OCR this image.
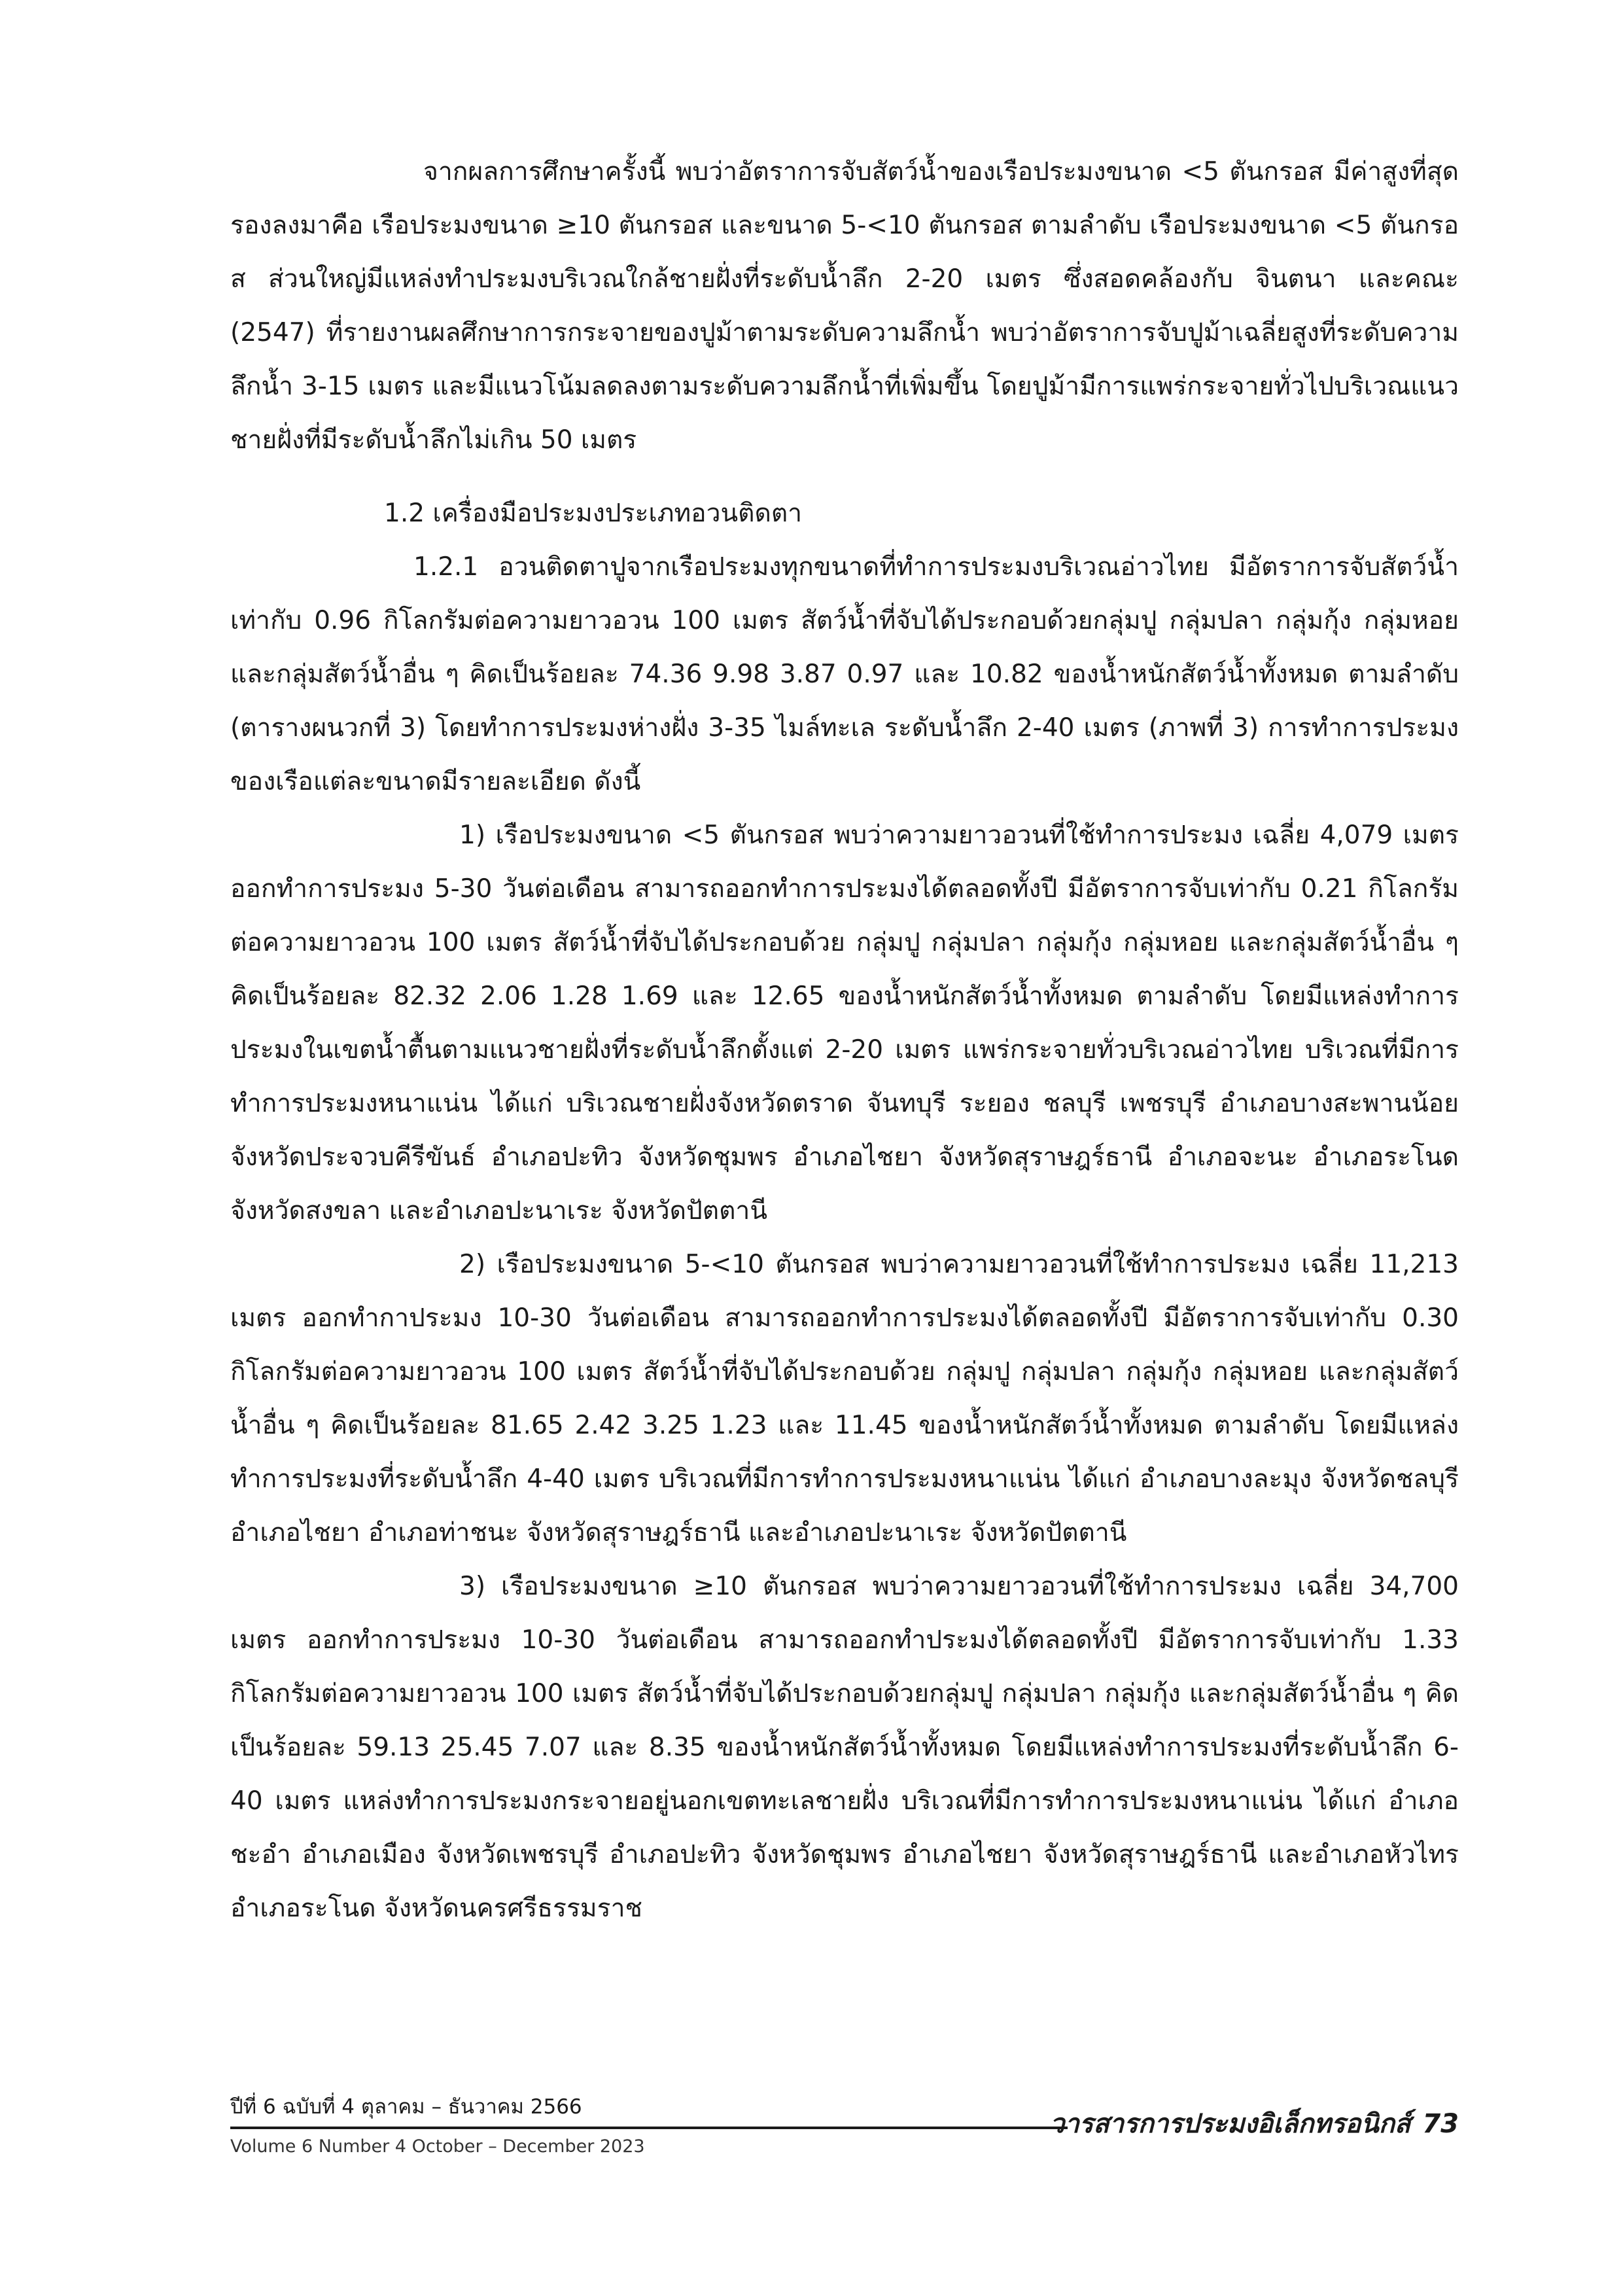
จากผลการศึกษาครั้งนี้ พบว่าอัตราการจับสัตว์น้ำของเรือประมงขนาด <5 ตันกรอส มีค่าสูงที่สุด รองลงมาคือ เรือประมงขนาด ≥10 ตันกรอส และขนาด 5-<10 ตันกรอส ตามลำดับ เรือประมงขนาด <5 ตันกรอส ส่วนใหญ่มีแหล่งทำประมงบริเวณใกล้ชายฝั่งที่ระดับน้ำลึก 2-20 เมตร ซึ่งสอดคล้องกับ จินตนา และคณะ (2547) ที่รายงานผลศึกษาการกระจายของปูม้าตามระดับความลึกน้ำ พบว่าอัตราการจับปูม้าเฉลี่ยสูงที่ระดับความลึกน้ำ 3-15 เมตร และมีแนวโน้มลดลงตามระดับความลึกน้ำที่เพิ่มขึ้น โดยปูม้ามีการแพร่กระจายทั่วไปบริเวณแนวชายฝั่งที่มีระดับน้ำลึกไม่เกิน 50 เมตร

1.2 เครื่องมือประมงประเภทอวนติดตา

1.2.1 อวนติดตาปูจากเรือประมงทุกขนาดที่ทำการประมงบริเวณอ่าวไทย มีอัตราการจับสัตว์น้ำเท่ากับ 0.96 กิโลกรัมต่อความยาวอวน 100 เมตร สัตว์น้ำที่จับได้ประกอบด้วยกลุ่มปู กลุ่มปลา กลุ่มกุ้ง กลุ่มหอย และกลุ่มสัตว์น้ำอื่น ๆ คิดเป็นร้อยละ 74.36 9.98 3.87 0.97 และ 10.82 ของน้ำหนักสัตว์น้ำทั้งหมด ตามลำดับ (ตารางผนวกที่ 3) โดยทำการประมงห่างฝั่ง 3-35 ไมล์ทะเล ระดับน้ำลึก 2-40 เมตร (ภาพที่ 3) การทำการประมง ของเรือแต่ละขนาดมีรายละเอียด ดังนี้

1) เรือประมงขนาด <5 ตันกรอส พบว่าความยาวอวนที่ใช้ทำการประมง เฉลี่ย 4,079 เมตร ออกทำการประมง 5-30 วันต่อเดือน สามารถออกทำการประมงได้ตลอดทั้งปี มีอัตราการจับเท่ากับ 0.21 กิโลกรัมต่อความยาวอวน 100 เมตร สัตว์น้ำที่จับได้ประกอบด้วย กลุ่มปู กลุ่มปลา กลุ่มกุ้ง กลุ่มหอย และกลุ่มสัตว์น้ำอื่น ๆ คิดเป็นร้อยละ 82.32 2.06 1.28 1.69 และ 12.65 ของน้ำหนักสัตว์น้ำทั้งหมด ตามลำดับ โดยมีแหล่งทำการประมงในเขตน้ำตื้นตามแนวชายฝั่งที่ระดับน้ำลึกตั้งแต่ 2-20 เมตร แพร่กระจายทั่วบริเวณอ่าวไทย บริเวณที่มีการทำการประมงหนาแน่น ได้แก่ บริเวณชายฝั่งจังหวัดตราด จันทบุรี ระยอง ชลบุรี เพชรบุรี อำเภอบางสะพานน้อย จังหวัดประจวบคีรีขันธ์ อำเภอปะทิว จังหวัดชุมพร อำเภอไชยา จังหวัดสุราษฎร์ธานี อำเภอจะนะ อำเภอระโนด จังหวัดสงขลา และอำเภอปะนาเระ จังหวัดปัตตานี

2) เรือประมงขนาด 5-<10 ตันกรอส พบว่าความยาวอวนที่ใช้ทำการประมง เฉลี่ย 11,213 เมตร ออกทำกาประมง 10-30 วันต่อเดือน สามารถออกทำการประมงได้ตลอดทั้งปี มีอัตราการจับเท่ากับ 0.30 กิโลกรัมต่อความยาวอวน 100 เมตร สัตว์น้ำที่จับได้ประกอบด้วย กลุ่มปู กลุ่มปลา กลุ่มกุ้ง กลุ่มหอย และกลุ่มสัตว์น้ำอื่น ๆ คิดเป็นร้อยละ 81.65 2.42 3.25 1.23 และ 11.45 ของน้ำหนักสัตว์น้ำทั้งหมด ตามลำดับ โดยมีแหล่งทำการประมงที่ระดับน้ำลึก 4-40 เมตร บริเวณที่มีการทำการประมงหนาแน่น ได้แก่ อำเภอบางละมุง จังหวัดชลบุรี อำเภอไชยา อำเภอท่าชนะ จังหวัดสุราษฎร์ธานี และอำเภอปะนาเระ จังหวัดปัตตานี

3) เรือประมงขนาด ≥10 ตันกรอส พบว่าความยาวอวนที่ใช้ทำการประมง เฉลี่ย 34,700 เมตร ออกทำการประมง 10-30 วันต่อเดือน สามารถออกทำประมงได้ตลอดทั้งปี มีอัตราการจับเท่ากับ 1.33 กิโลกรัมต่อความยาวอวน 100 เมตร สัตว์น้ำที่จับได้ประกอบด้วยกลุ่มปู กลุ่มปลา กลุ่มกุ้ง และกลุ่มสัตว์น้ำอื่น ๆ คิดเป็นร้อยละ 59.13 25.45 7.07 และ 8.35 ของน้ำหนักสัตว์น้ำทั้งหมด โดยมีแหล่งทำการประมงที่ระดับน้ำลึก 6-40 เมตร แหล่งทำการประมงกระจายอยู่นอกเขตทะเลชายฝั่ง บริเวณที่มีการทำการประมงหนาแน่น ได้แก่ อำเภอชะอำ อำเภอเมือง จังหวัดเพชรบุรี อำเภอปะทิว จังหวัดชุมพร อำเภอไชยา จังหวัดสุราษฎร์ธานี และอำเภอหัวไทร อำเภอระโนด จังหวัดนครศรีธรรมราช

ปีที่ 6 ฉบับที่ 4 ตุลาคม – ธันวาคม 2566
Volume 6 Number 4 October – December 2023
วารสารการประมงอิเล็กทรอนิกส์ 73
